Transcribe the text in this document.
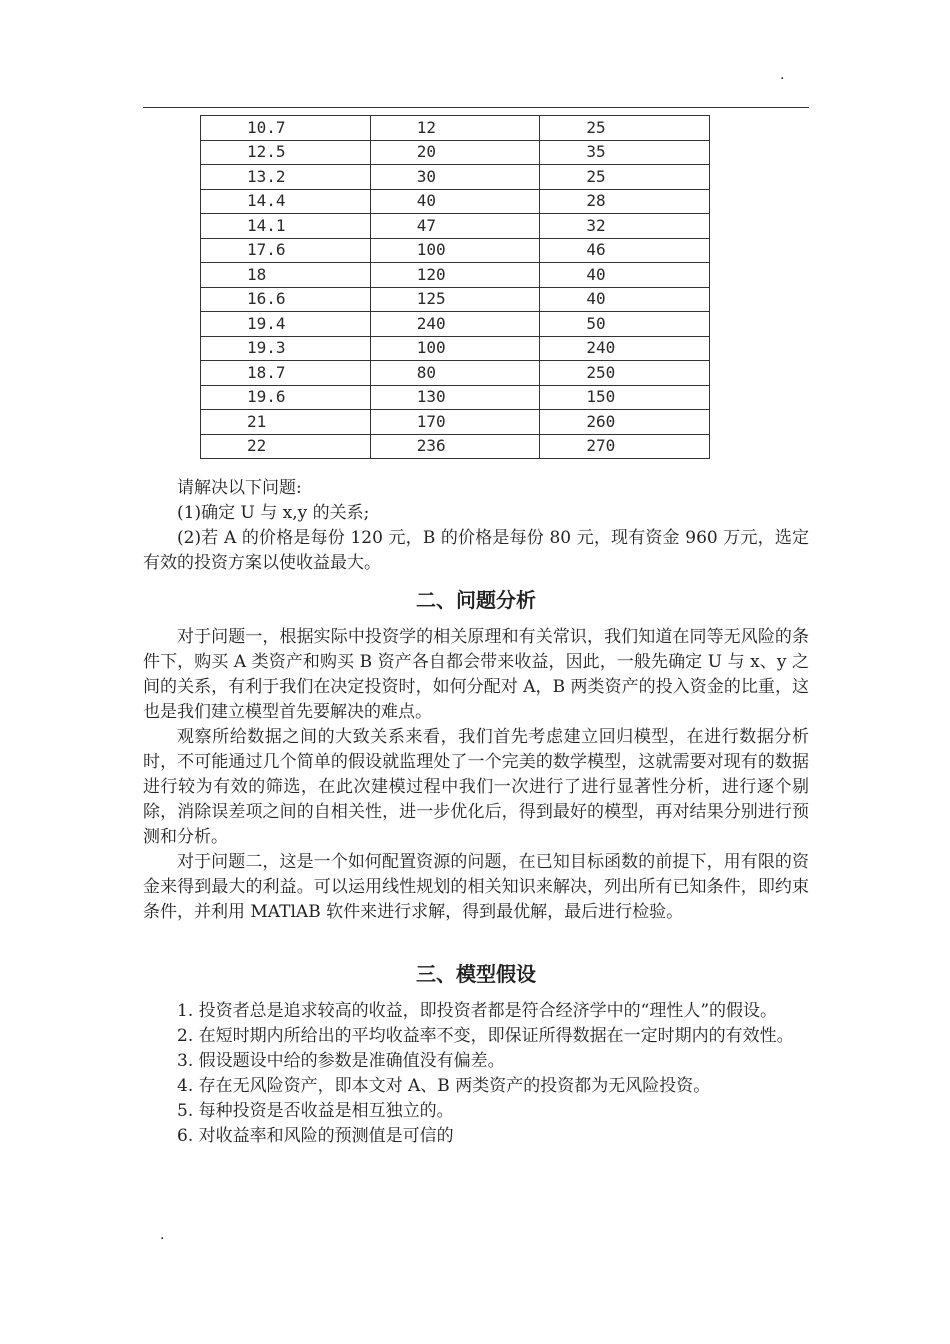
.
10.7	12	25
12.5	20	35
13.2	30	25
14.4	40	28
14.1	47	32
17.6	100	46
18	120	40
16.6	125	40
19.4	240	50
19.3	100	240
18.7	80	250
19.6	130	150
21	170	260
22	236	270

请解决以下问题:

(1)确定 U 与 x,y 的关系;

(2)若 A 的价格是每份 120 元，B 的价格是每份 80 元，现有资金 960 万元，选定有效的投资方案以使收益最大。

二、问题分析

对于问题一，根据实际中投资学的相关原理和有关常识，我们知道在同等无风险的条件下，购买 A 类资产和购买 B 资产各自都会带来收益，因此，一般先确定 U 与 x、y 之间的关系，有利于我们在决定投资时，如何分配对 A，B 两类资产的投入资金的比重，这也是我们建立模型首先要解决的难点。

观察所给数据之间的大致关系来看，我们首先考虑建立回归模型，在进行数据分析时，不可能通过几个简单的假设就监理处了一个完美的数学模型，这就需要对现有的数据进行较为有效的筛选，在此次建模过程中我们一次进行了进行显著性分析，进行逐个剔除，消除误差项之间的自相关性，进一步优化后，得到最好的模型，再对结果分别进行预测和分析。

对于问题二，这是一个如何配置资源的问题，在已知目标函数的前提下，用有限的资金来得到最大的利益。可以运用线性规划的相关知识来解决，列出所有已知条件，即约束条件，并利用 MATlAB 软件来进行求解，得到最优解，最后进行检验。

三、模型假设

1. 投资者总是追求较高的收益，即投资者都是符合经济学中的“理性人”的假设。

2. 在短时期内所给出的平均收益率不变，即保证所得数据在一定时期内的有效性。

3. 假设题设中给的参数是准确值没有偏差。

4. 存在无风险资产，即本文对 A、B 两类资产的投资都为无风险投资。

5. 每种投资是否收益是相互独立的。

6. 对收益率和风险的预测值是可信的

.
